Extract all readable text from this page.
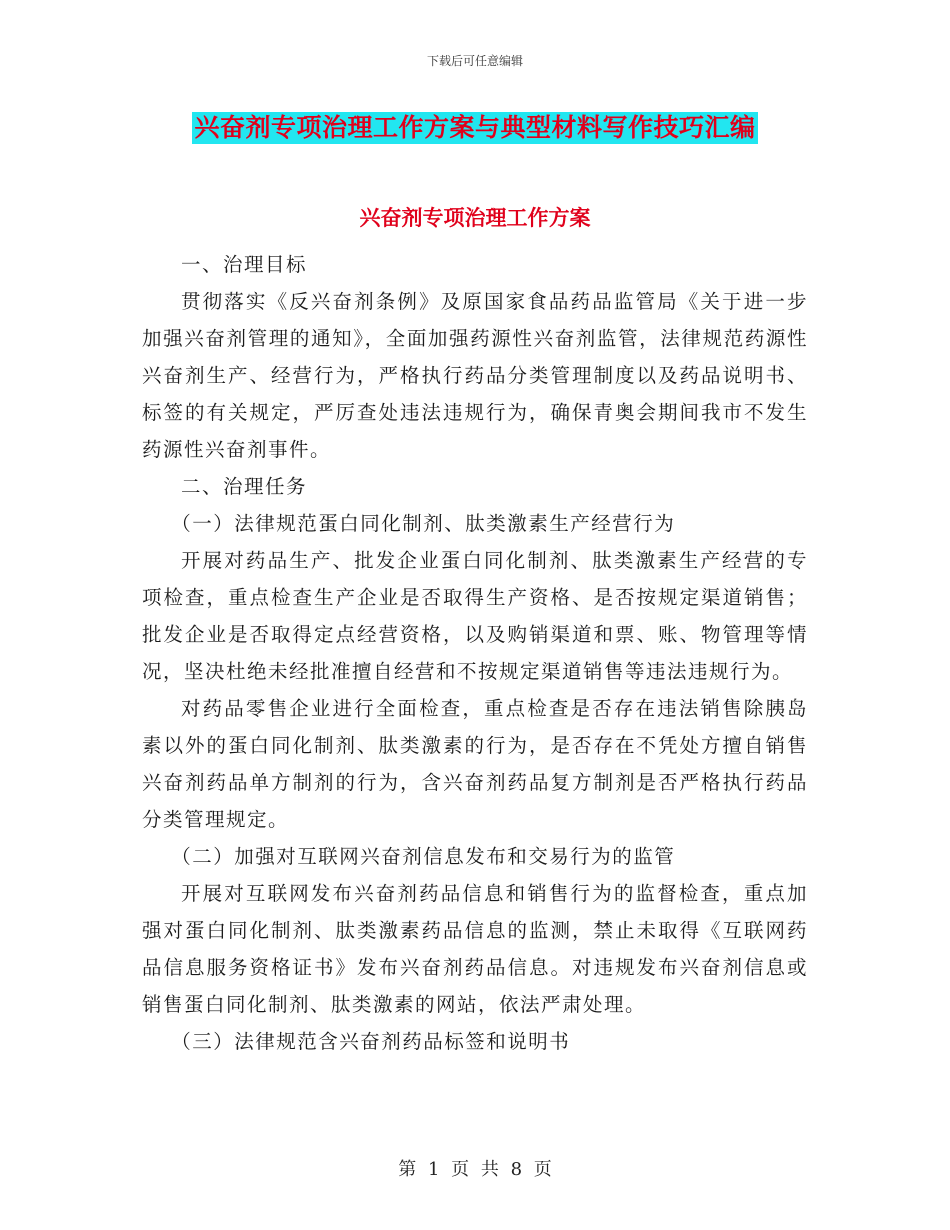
下载后可任意编辑
兴奋剂专项治理工作方案与典型材料写作技巧汇编
兴奋剂专项治理工作方案

一、治理目标

贯彻落实《反兴奋剂条例》及原国家食品药品监管局《关于进一步加强兴奋剂管理的通知》，全面加强药源性兴奋剂监管，法律规范药源性兴奋剂生产、经营行为，严格执行药品分类管理制度以及药品说明书、标签的有关规定，严厉查处违法违规行为，确保青奥会期间我市不发生药源性兴奋剂事件。

二、治理任务

（一）法律规范蛋白同化制剂、肽类激素生产经营行为

开展对药品生产、批发企业蛋白同化制剂、肽类激素生产经营的专项检查，重点检查生产企业是否取得生产资格、是否按规定渠道销售；批发企业是否取得定点经营资格，以及购销渠道和票、账、物管理等情况，坚决杜绝未经批准擅自经营和不按规定渠道销售等违法违规行为。

对药品零售企业进行全面检查，重点检查是否存在违法销售除胰岛素以外的蛋白同化制剂、肽类激素的行为，是否存在不凭处方擅自销售兴奋剂药品单方制剂的行为，含兴奋剂药品复方制剂是否严格执行药品分类管理规定。

（二）加强对互联网兴奋剂信息发布和交易行为的监管

开展对互联网发布兴奋剂药品信息和销售行为的监督检查，重点加强对蛋白同化制剂、肽类激素药品信息的监测，禁止未取得《互联网药品信息服务资格证书》发布兴奋剂药品信息。对违规发布兴奋剂信息或销售蛋白同化制剂、肽类激素的网站，依法严肃处理。

（三）法律规范含兴奋剂药品标签和说明书

第 1 页 共 8 页
